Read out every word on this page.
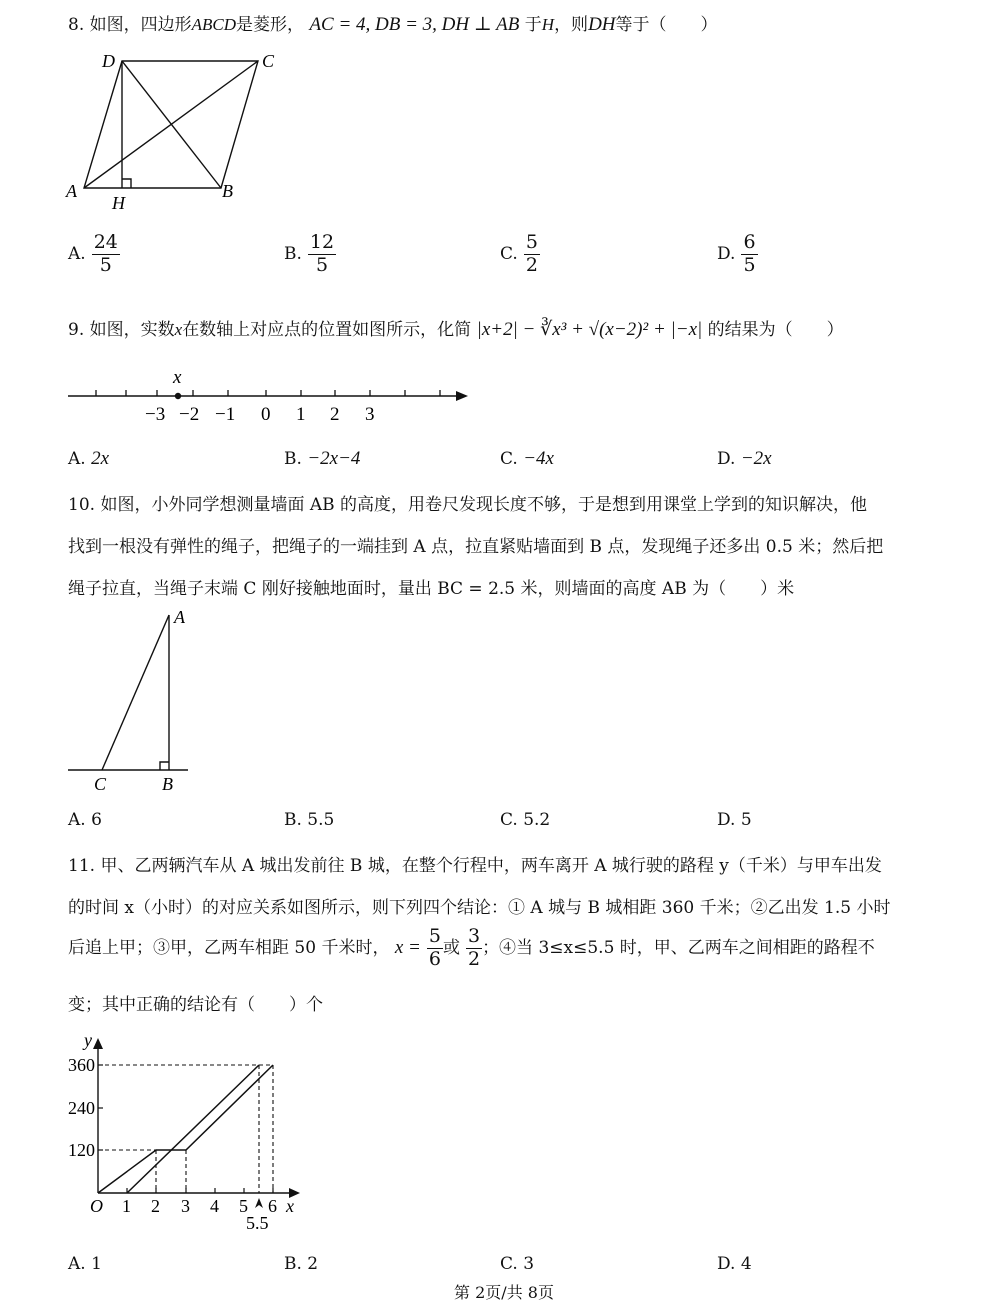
8. 如图，四边形ABCD是菱形， AC = 4, DB = 3, DH ⊥ AB 于H，则DH等于（　　）
D	C
A	B
H
A. $\frac{24}{5}$	B. $\frac{12}{5}$	C. $\frac{5}{2}$	D. $\frac{6}{5}$
9. 如图，实数x在数轴上对应点的位置如图所示，化简 |x+2| − ∛x³ + √(x−2)² + |−x| 的结果为（　　）
x
−3 −2 −1 0 1 2 3
A. 2x	B. −2x−4	C. −4x	D. −2x
10. 如图，小外同学想测量墙面 AB 的高度，用卷尺发现长度不够，于是想到用课堂上学到的知识解决，他
找到一根没有弹性的绳子，把绳子的一端挂到 A 点，拉直紧贴墙面到 B 点，发现绳子还多出 0.5 米；然后把
绳子拉直，当绳子末端 C 刚好接触地面时，量出 BC = 2.5 米，则墙面的高度 AB 为（　　）米
A
B
C
A. 6	B. 5.5	C. 5.2	D. 5
11. 甲、乙两辆汽车从 A 城出发前往 B 城，在整个行程中，两车离开 A 城行驶的路程 y（千米）与甲车出发
的时间 x（小时）的对应关系如图所示，则下列四个结论：① A 城与 B 城相距 360 千米；②乙出发 1.5 小时
后追上甲；③甲，乙两车相距 50 千米时， $x = \frac{5}{6}$ 或 $\frac{3}{2}$ ；④当 3≤x≤5.5 时，甲、乙两车之间相距的路程不
变；其中正确的结论有（　　）个
y
360
240
120
O 1 2 3 4 5 6 x
5.5
A. 1	B. 2	C. 3	D. 4
第 2页/共 8页
